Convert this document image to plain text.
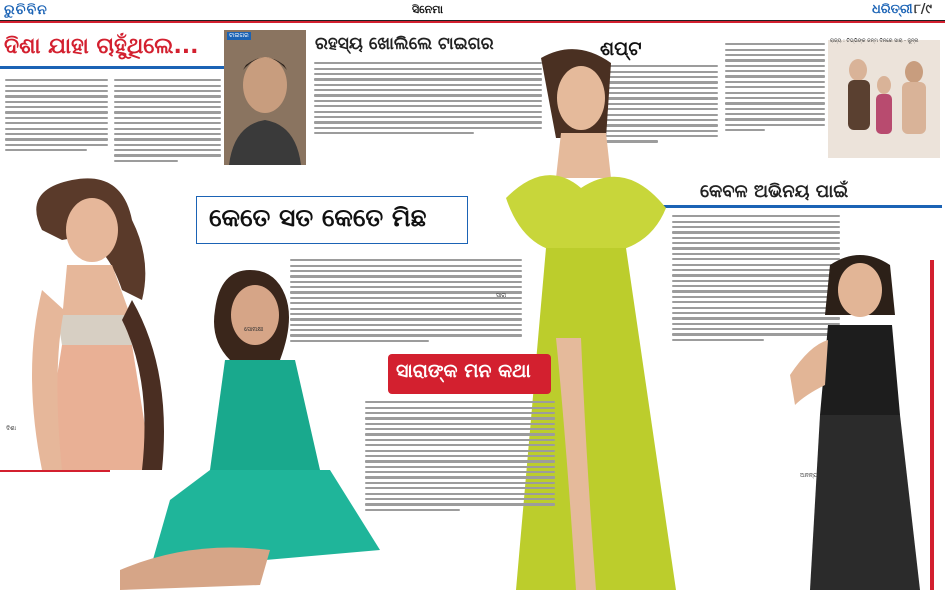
ରୁଚିବିନ	ସିନେମା	ଧରିତ୍ରୀ ୮/୯
ଦିଶା ଯାହା ଚାହୁଁଥିଲେ...
ଦିଶା
ଟାଇଗର	ରହସ୍ୟ ଖୋଲିଲେ ଟାଇଗର	ଶପ୍ଟ	ରାଜ୍ୟ : ଟିଭ୍ଭିଙ୍କ ଜନ୍ମ ଦିନରେ ସାରା - ଜୁନ୍ନା
କେବଳ ଅଭିନୟ ପାଇଁ
ଅନନ୍ୟା
କେତେ ସତ କେତେ ମିଛ
ସୋନାକ୍ଷୀ
ସାରା
ସାରାଙ୍କ ମନ କଥା
